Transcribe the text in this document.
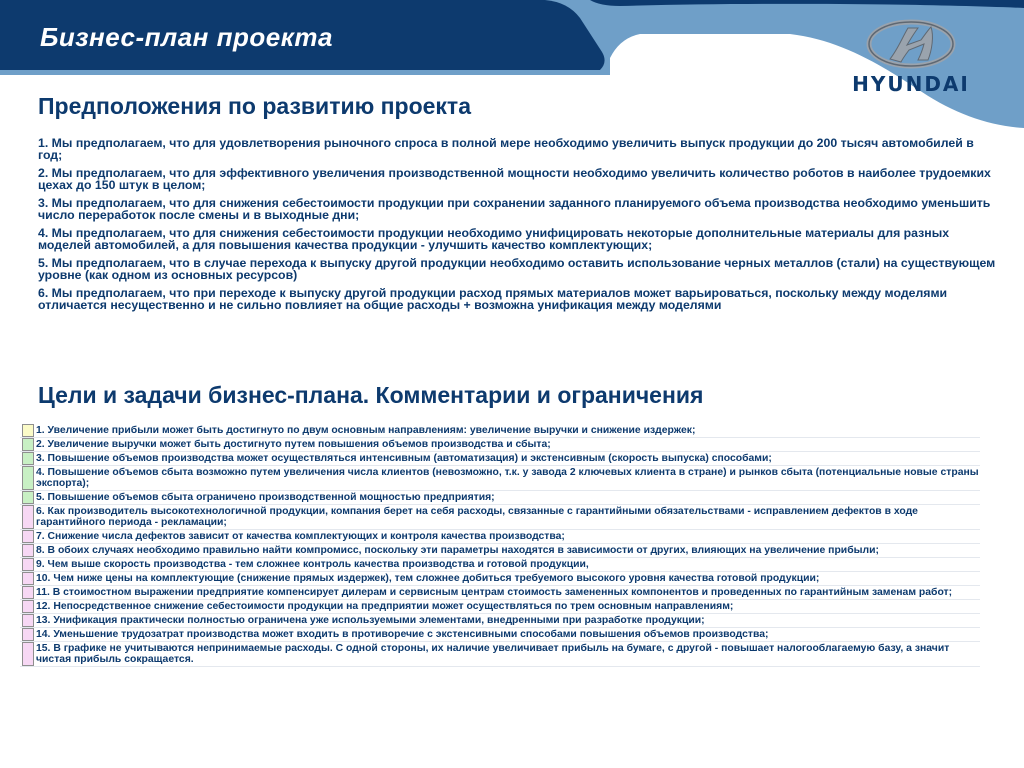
Бизнес-план проекта
HYUNDAI
Предположения по развитию проекта
1. Мы предполагаем, что для удовлетворения рыночного спроса в полной мере необходимо увеличить выпуск продукции до 200 тысяч автомобилей в год;
2. Мы предполагаем, что для эффективного увеличения производственной мощности необходимо увеличить количество роботов в наиболее трудоемких цехах до 150 штук в целом;
3. Мы предполагаем, что для снижения себестоимости продукции при сохранении заданного планируемого объема производства необходимо уменьшить число переработок после смены и в выходные дни;
4. Мы предполагаем, что для снижения себестоимости продукции необходимо унифицировать некоторые дополнительные материалы для разных моделей автомобилей, а для повышения качества продукции - улучшить качество комплектующих;
5. Мы предполагаем, что в случае перехода к выпуску другой продукции необходимо оставить использование черных металлов (стали) на существующем уровне (как одном из основных ресурсов)
6. Мы предполагаем, что при переходе к выпуску другой продукции расход прямых материалов может варьироваться, поскольку между моделями отличается несущественно и не сильно повлияет на общие расходы + возможна унификация между моделями
Цели и задачи бизнес-плана. Комментарии и ограничения
1. Увеличение прибыли может быть достигнуто по двум основным направлениям: увеличение выручки и снижение издержек;
2. Увеличение выручки может быть достигнуто путем повышения объемов производства и сбыта;
3. Повышение объемов производства может осуществляться интенсивным (автоматизация) и экстенсивным (скорость выпуска) способами;
4. Повышение объемов сбыта возможно путем увеличения числа клиентов (невозможно, т.к. у завода 2 ключевых клиента в стране) и рынков сбыта (потенциальные новые страны экспорта);
5. Повышение объемов сбыта ограничено производственной мощностью предприятия;
6. Как производитель высокотехнологичной продукции, компания берет на себя расходы, связанные с гарантийными обязательствами - исправлением дефектов в ходе гарантийного периода - рекламации;
7. Снижение числа дефектов зависит от качества комплектующих и контроля качества производства;
8. В обоих случаях необходимо правильно найти компромисс, поскольку эти параметры находятся в зависимости от других, влияющих на увеличение прибыли;
9. Чем выше скорость производства - тем сложнее контроль качества производства и готовой продукции,
10. Чем ниже цены на комплектующие (снижение прямых издержек), тем сложнее добиться требуемого высокого уровня качества готовой продукции;
11. В стоимостном выражении предприятие компенсирует дилерам и сервисным центрам стоимость замененных компонентов и проведенных по гарантийным заменам работ;
12. Непосредственное снижение себестоимости продукции на предприятии может осуществляться по трем основным направлениям;
13. Унификация практически полностью ограничена уже используемыми элементами, внедренными при разработке продукции;
14. Уменьшение трудозатрат производства может входить в противоречие с экстенсивными способами повышения объемов производства;
15. В графике не учитываются непринимаемые расходы. С одной стороны, их наличие увеличивает прибыль на бумаге, с другой - повышает налогооблагаемую базу, а значит чистая прибыль сокращается.
